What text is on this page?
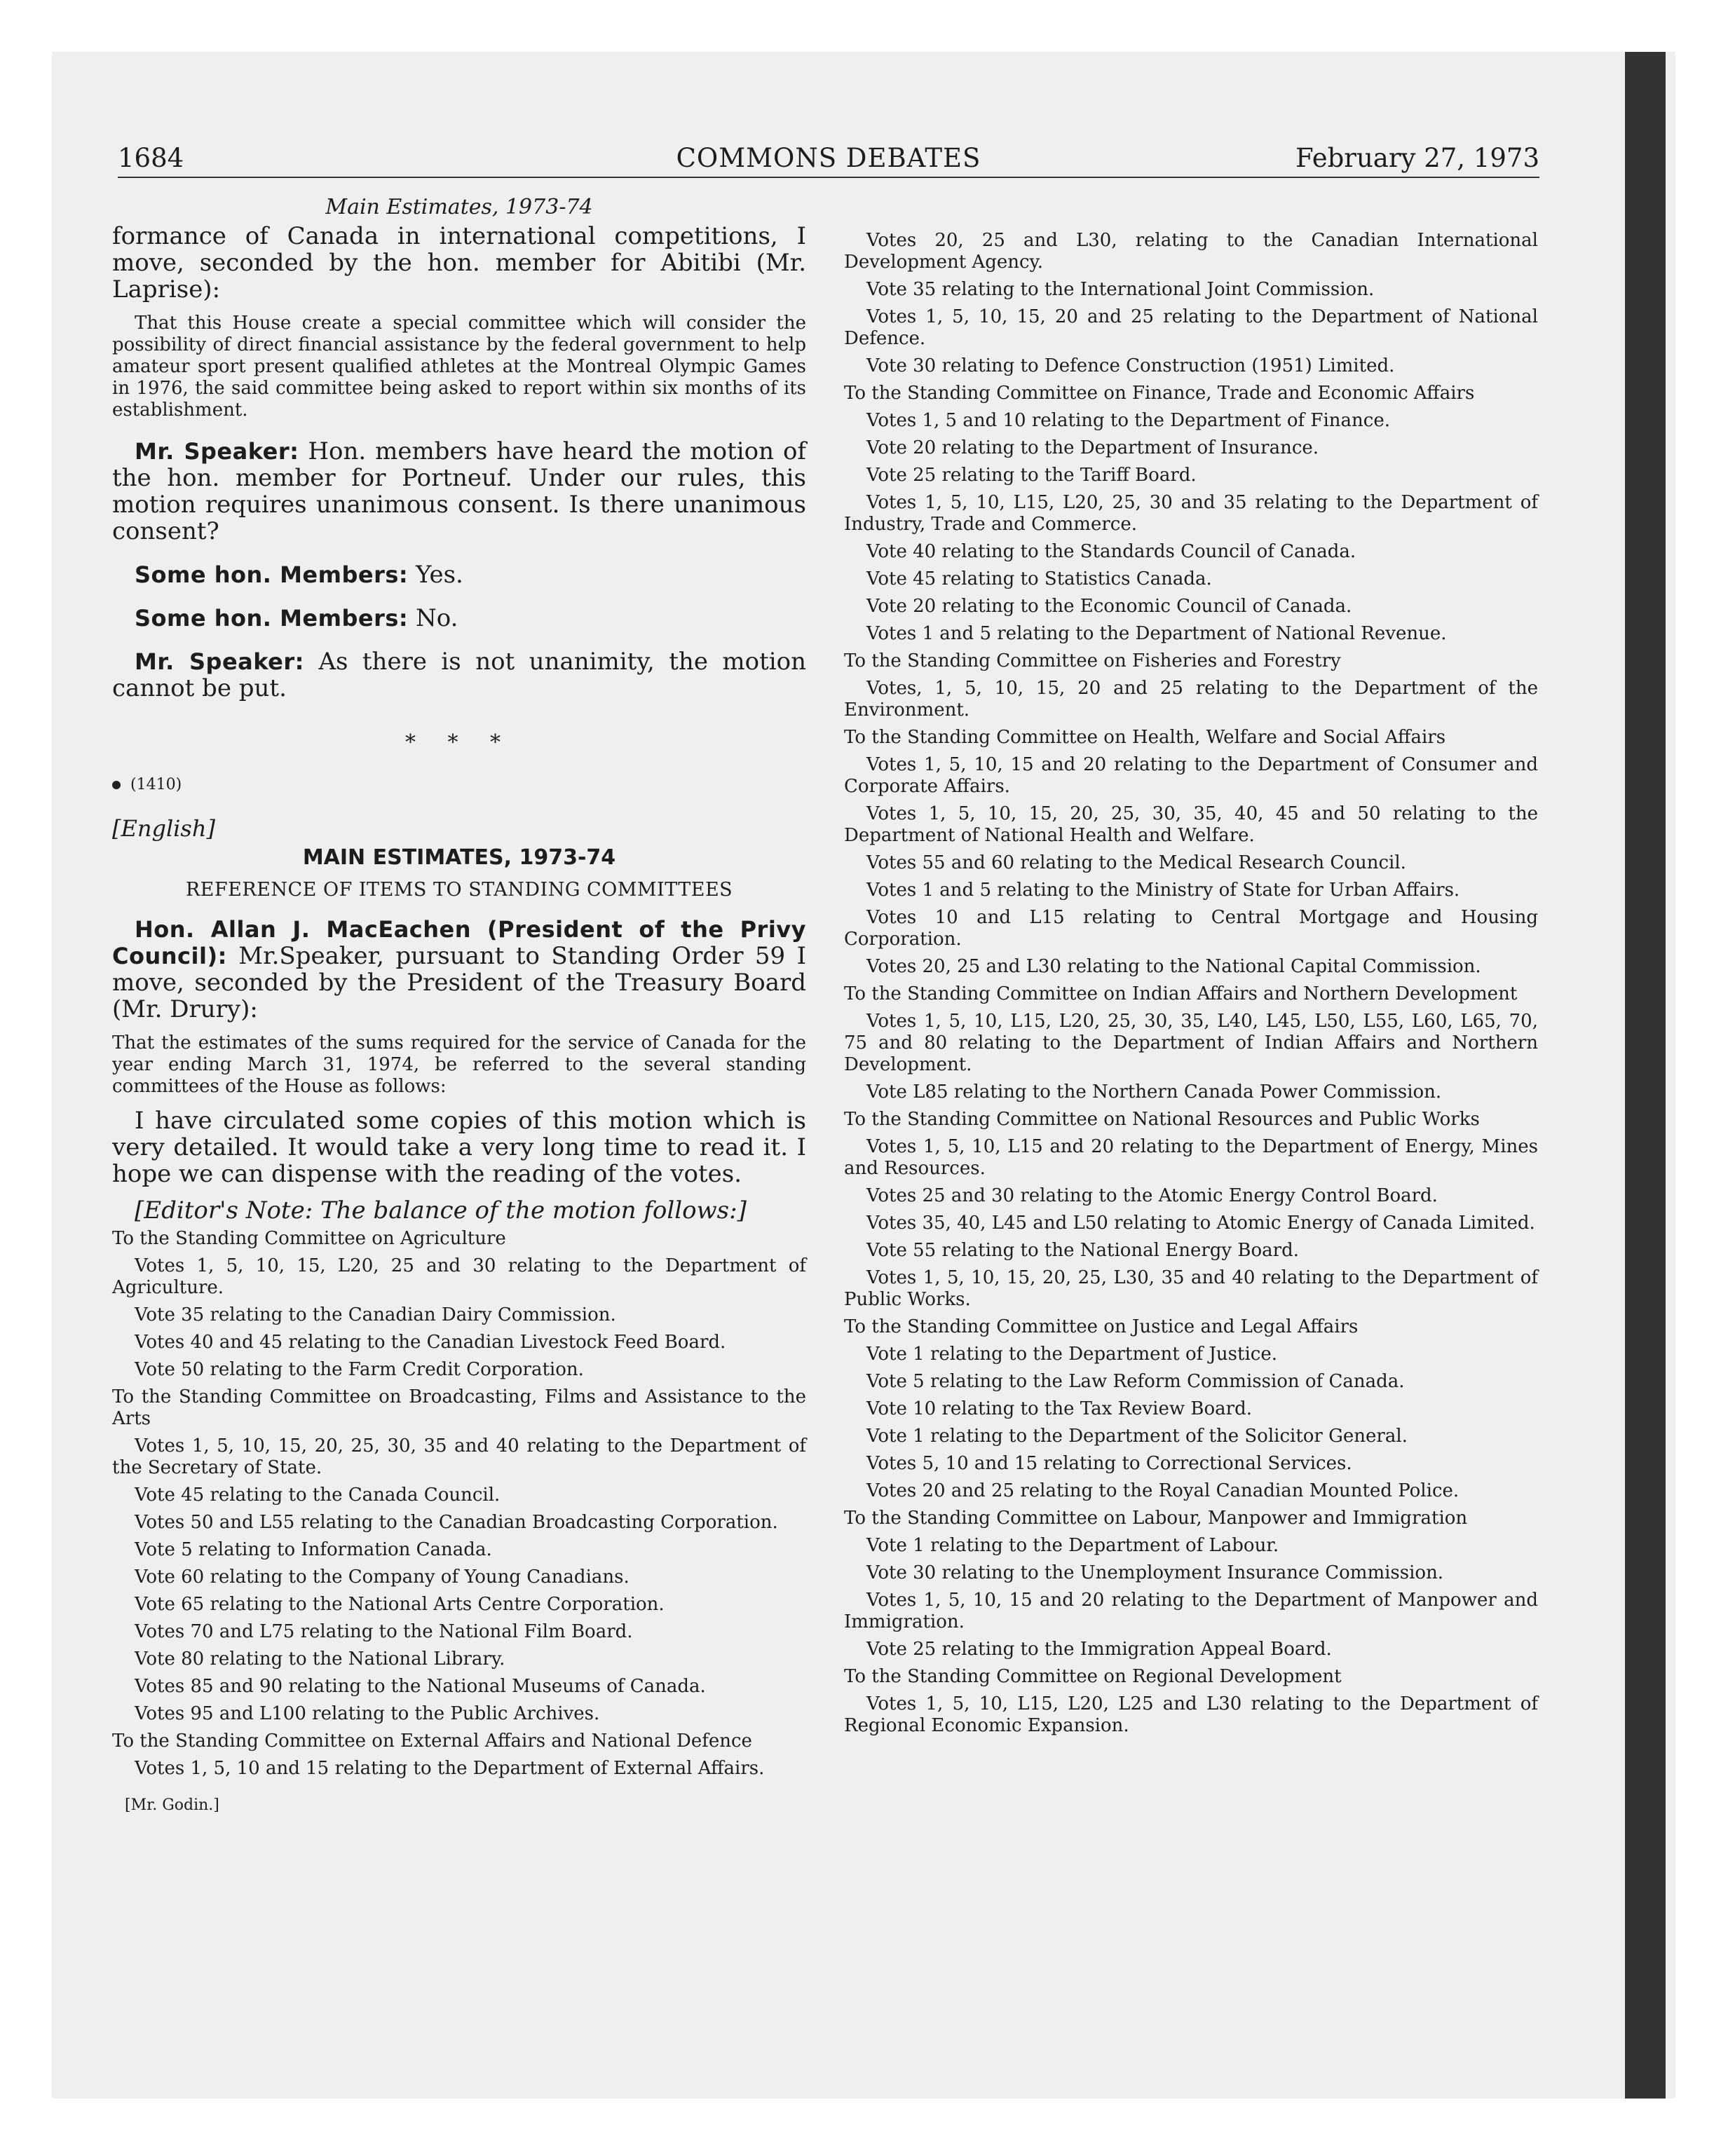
1684	COMMONS DEBATES	February 27, 1973
Main Estimates, 1973-74

formance of Canada in international competitions, I move, seconded by the hon. member for Abitibi (Mr. Laprise):

That this House create a special committee which will consider the possibility of direct financial assistance by the federal government to help amateur sport present qualified athletes at the Montreal Olympic Games in 1976, the said committee being asked to report within six months of its establishment.

Mr. Speaker: Hon. members have heard the motion of the hon. member for Portneuf. Under our rules, this motion requires unanimous consent. Is there unanimous consent?

Some hon. Members: Yes.

Some hon. Members: No.

Mr. Speaker: As there is not unanimity, the motion cannot be put.

* * *
(1410)
[English]
MAIN ESTIMATES, 1973-74
REFERENCE OF ITEMS TO STANDING COMMITTEES

Hon. Allan J. MacEachen (President of the Privy Council): Mr.Speaker, pursuant to Standing Order 59 I move, seconded by the President of the Treasury Board (Mr. Drury):

That the estimates of the sums required for the service of Canada for the year ending March 31, 1974, be referred to the several standing committees of the House as follows:

I have circulated some copies of this motion which is very detailed. It would take a very long time to read it. I hope we can dispense with the reading of the votes.

[Editor's Note: The balance of the motion follows:]

To the Standing Committee on Agriculture

Votes 1, 5, 10, 15, L20, 25 and 30 relating to the Department of Agriculture.

Vote 35 relating to the Canadian Dairy Commission.

Votes 40 and 45 relating to the Canadian Livestock Feed Board.

Vote 50 relating to the Farm Credit Corporation.

To the Standing Committee on Broadcasting, Films and Assistance to the Arts

Votes 1, 5, 10, 15, 20, 25, 30, 35 and 40 relating to the Department of the Secretary of State.

Vote 45 relating to the Canada Council.

Votes 50 and L55 relating to the Canadian Broadcasting Corporation.

Vote 5 relating to Information Canada.

Vote 60 relating to the Company of Young Canadians.

Vote 65 relating to the National Arts Centre Corporation.

Votes 70 and L75 relating to the National Film Board.

Vote 80 relating to the National Library.

Votes 85 and 90 relating to the National Museums of Canada.

Votes 95 and L100 relating to the Public Archives.

To the Standing Committee on External Affairs and National Defence

Votes 1, 5, 10 and 15 relating to the Department of External Affairs.

[Mr. Godin.]

Votes 20, 25 and L30, relating to the Canadian International Development Agency.

Vote 35 relating to the International Joint Commission.

Votes 1, 5, 10, 15, 20 and 25 relating to the Department of National Defence.

Vote 30 relating to Defence Construction (1951) Limited.

To the Standing Committee on Finance, Trade and Economic Affairs

Votes 1, 5 and 10 relating to the Department of Finance.

Vote 20 relating to the Department of Insurance.

Vote 25 relating to the Tariff Board.

Votes 1, 5, 10, L15, L20, 25, 30 and 35 relating to the Department of Industry, Trade and Commerce.

Vote 40 relating to the Standards Council of Canada.

Vote 45 relating to Statistics Canada.

Vote 20 relating to the Economic Council of Canada.

Votes 1 and 5 relating to the Department of National Revenue.

To the Standing Committee on Fisheries and Forestry

Votes, 1, 5, 10, 15, 20 and 25 relating to the Department of the Environment.

To the Standing Committee on Health, Welfare and Social Affairs

Votes 1, 5, 10, 15 and 20 relating to the Department of Consumer and Corporate Affairs.

Votes 1, 5, 10, 15, 20, 25, 30, 35, 40, 45 and 50 relating to the Department of National Health and Welfare.

Votes 55 and 60 relating to the Medical Research Council.

Votes 1 and 5 relating to the Ministry of State for Urban Affairs.

Votes 10 and L15 relating to Central Mortgage and Housing Corporation.

Votes 20, 25 and L30 relating to the National Capital Commission.

To the Standing Committee on Indian Affairs and Northern Development

Votes 1, 5, 10, L15, L20, 25, 30, 35, L40, L45, L50, L55, L60, L65, 70, 75 and 80 relating to the Department of Indian Affairs and Northern Development.

Vote L85 relating to the Northern Canada Power Commission.

To the Standing Committee on National Resources and Public Works

Votes 1, 5, 10, L15 and 20 relating to the Department of Energy, Mines and Resources.

Votes 25 and 30 relating to the Atomic Energy Control Board.

Votes 35, 40, L45 and L50 relating to Atomic Energy of Canada Limited.

Vote 55 relating to the National Energy Board.

Votes 1, 5, 10, 15, 20, 25, L30, 35 and 40 relating to the Department of Public Works.

To the Standing Committee on Justice and Legal Affairs

Vote 1 relating to the Department of Justice.

Vote 5 relating to the Law Reform Commission of Canada.

Vote 10 relating to the Tax Review Board.

Vote 1 relating to the Department of the Solicitor General.

Votes 5, 10 and 15 relating to Correctional Services.

Votes 20 and 25 relating to the Royal Canadian Mounted Police.

To the Standing Committee on Labour, Manpower and Immigration

Vote 1 relating to the Department of Labour.

Vote 30 relating to the Unemployment Insurance Commission.

Votes 1, 5, 10, 15 and 20 relating to the Department of Manpower and Immigration.

Vote 25 relating to the Immigration Appeal Board.

To the Standing Committee on Regional Development

Votes 1, 5, 10, L15, L20, L25 and L30 relating to the Department of Regional Economic Expansion.
